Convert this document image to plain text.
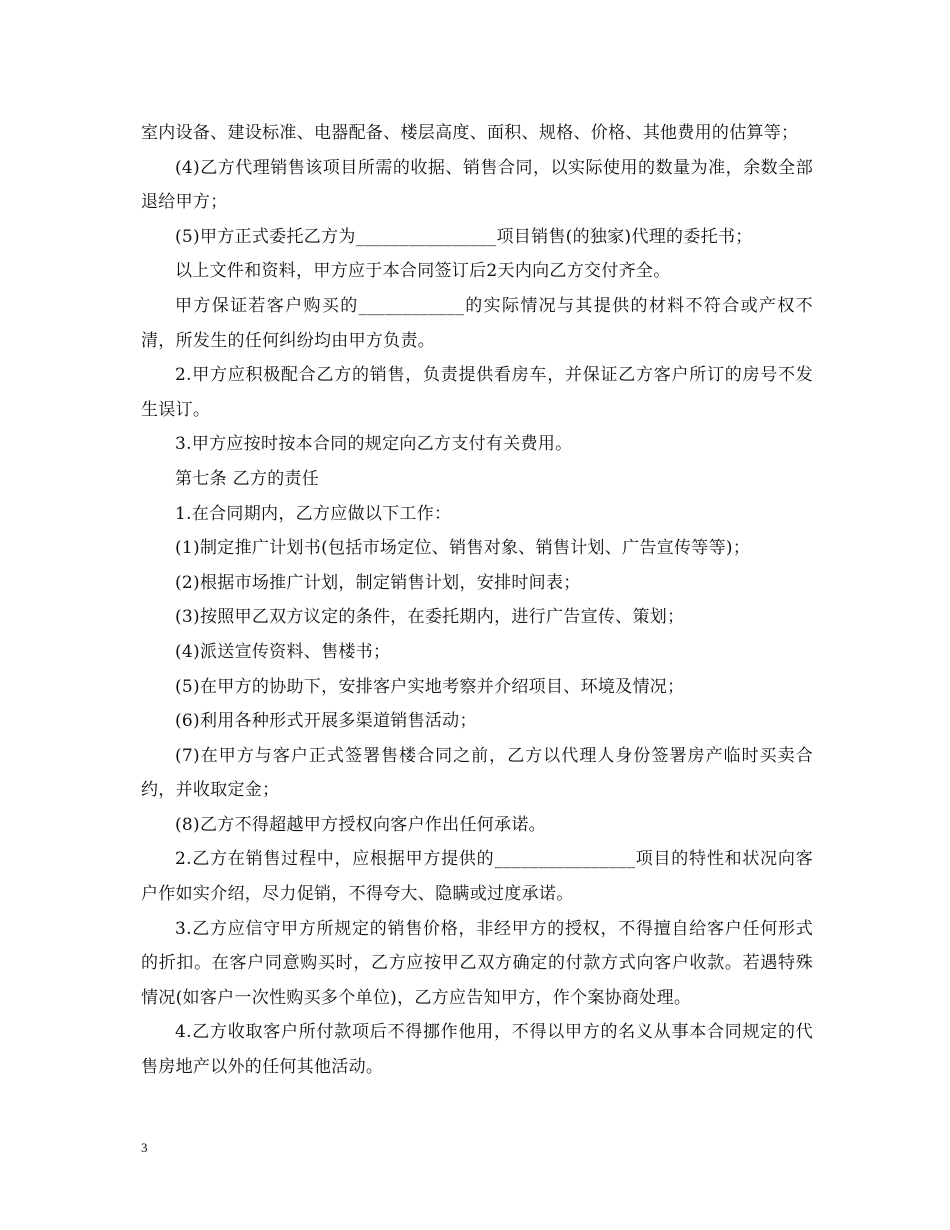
室内设备、建设标准、电器配备、楼层高度、面积、规格、价格、其他费用的估算等；

(4)乙方代理销售该项目所需的收据、销售合同，以实际使用的数量为准，余数全部退给甲方；

(5)甲方正式委托乙方为________________项目销售(的独家)代理的委托书；

以上文件和资料，甲方应于本合同签订后2天内向乙方交付齐全。

甲方保证若客户购买的____________的实际情况与其提供的材料不符合或产权不清，所发生的任何纠纷均由甲方负责。

2.甲方应积极配合乙方的销售，负责提供看房车，并保证乙方客户所订的房号不发生误订。

3.甲方应按时按本合同的规定向乙方支付有关费用。

第七条 乙方的责任

1.在合同期内，乙方应做以下工作：

(1)制定推广计划书(包括市场定位、销售对象、销售计划、广告宣传等等)；

(2)根据市场推广计划，制定销售计划，安排时间表；

(3)按照甲乙双方议定的条件，在委托期内，进行广告宣传、策划；

(4)派送宣传资料、售楼书；

(5)在甲方的协助下，安排客户实地考察并介绍项目、环境及情况；

(6)利用各种形式开展多渠道销售活动；

(7)在甲方与客户正式签署售楼合同之前，乙方以代理人身份签署房产临时买卖合约，并收取定金；

(8)乙方不得超越甲方授权向客户作出任何承诺。

2.乙方在销售过程中，应根据甲方提供的________________项目的特性和状况向客户作如实介绍，尽力促销，不得夸大、隐瞒或过度承诺。

3.乙方应信守甲方所规定的销售价格，非经甲方的授权，不得擅自给客户任何形式的折扣。在客户同意购买时，乙方应按甲乙双方确定的付款方式向客户收款。若遇特殊情况(如客户一次性购买多个单位)，乙方应告知甲方，作个案协商处理。

4.乙方收取客户所付款项后不得挪作他用，不得以甲方的名义从事本合同规定的代售房地产以外的任何其他活动。

3
